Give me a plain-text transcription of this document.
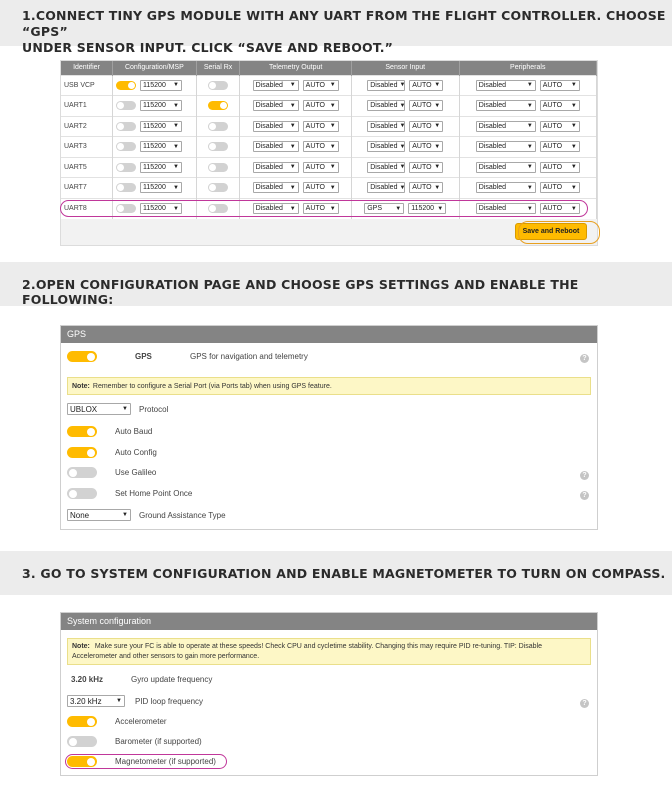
1.CONNECT TINY GPS MODULE WITH ANY UART FROM THE FLIGHT CONTROLLER. CHOOSE “GPS”
UNDER SENSOR INPUT. CLICK “SAVE AND REBOOT.”
Identifier	Configuration/MSP	Serial Rx	Telemetry Output	Sensor Input	Peripherals
USB VCP	115200 ▼		Disabled ▼ AUTO ▼	Disabled ▼ AUTO ▼	Disabled ▼ AUTO ▼

UART1	115200 ▼		Disabled ▼ AUTO ▼	Disabled ▼ AUTO ▼	Disabled ▼ AUTO ▼

UART2	115200 ▼		Disabled ▼ AUTO ▼	Disabled ▼ AUTO ▼	Disabled ▼ AUTO ▼

UART3	115200 ▼		Disabled ▼ AUTO ▼	Disabled ▼ AUTO ▼	Disabled ▼ AUTO ▼

UART5	115200 ▼		Disabled ▼ AUTO ▼	Disabled ▼ AUTO ▼	Disabled ▼ AUTO ▼

UART7	115200 ▼		Disabled ▼ AUTO ▼	Disabled ▼ AUTO ▼	Disabled ▼ AUTO ▼

UART8	115200 ▼		Disabled ▼ AUTO ▼	GPS ▼ 115200 ▼	Disabled ▼ AUTO ▼
Save and Reboot
2.OPEN CONFIGURATION PAGE AND CHOOSE GPS SETTINGS AND ENABLE THE FOLLOWING:
GPS
GPS	GPS for navigation and telemetry	?
Note: Remember to configure a Serial Port (via Ports tab) when using GPS feature.
UBLOX	▼ Protocol
Auto Baud
Auto Config
Use Galileo	?
Set Home Point Once	?
None	▼ Ground Assistance Type
3. GO TO SYSTEM CONFIGURATION AND ENABLE MAGNETOMETER TO TURN ON COMPASS.
System configuration
Note: Make sure your FC is able to operate at these speeds! Check CPU and cycletime stability. Changing this may require PID re-tuning. TIP: Disable Accelerometer and other sensors to gain more performance.
3.20 kHz	Gyro update frequency
3.20 kHz ▼ PID loop frequency	?
Accelerometer
Barometer (if supported)
Magnetometer (if supported)
